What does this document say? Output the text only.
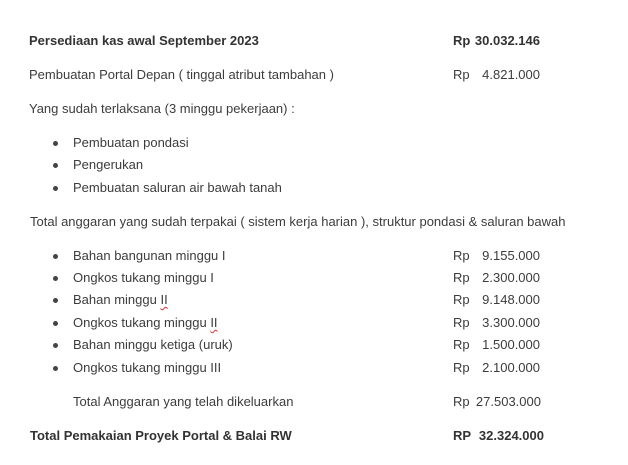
Persediaan kas awal September 2023	Rp 30.032.146
Pembuatan Portal Depan ( tinggal atribut tambahan )	Rp 4.821.000
Yang sudah terlaksana (3 minggu pekerjaan) :
Pembuatan pondasi
Pengerukan
Pembuatan saluran air bawah tanah
Total anggaran yang sudah terpakai ( sistem kerja harian ), struktur pondasi & saluran bawah
Bahan bangunan minggu I	Rp 9.155.000
Ongkos tukang minggu I	Rp 2.300.000
Bahan minggu II	Rp 9.148.000
Ongkos tukang minggu II	Rp 3.300.000
Bahan minggu ketiga (uruk)	Rp 1.500.000
Ongkos tukang minggu III	Rp 2.100.000
Total Anggaran yang telah dikeluarkan	Rp 27.503.000
Total Pemakaian Proyek Portal & Balai RW	RP 32.324.000
